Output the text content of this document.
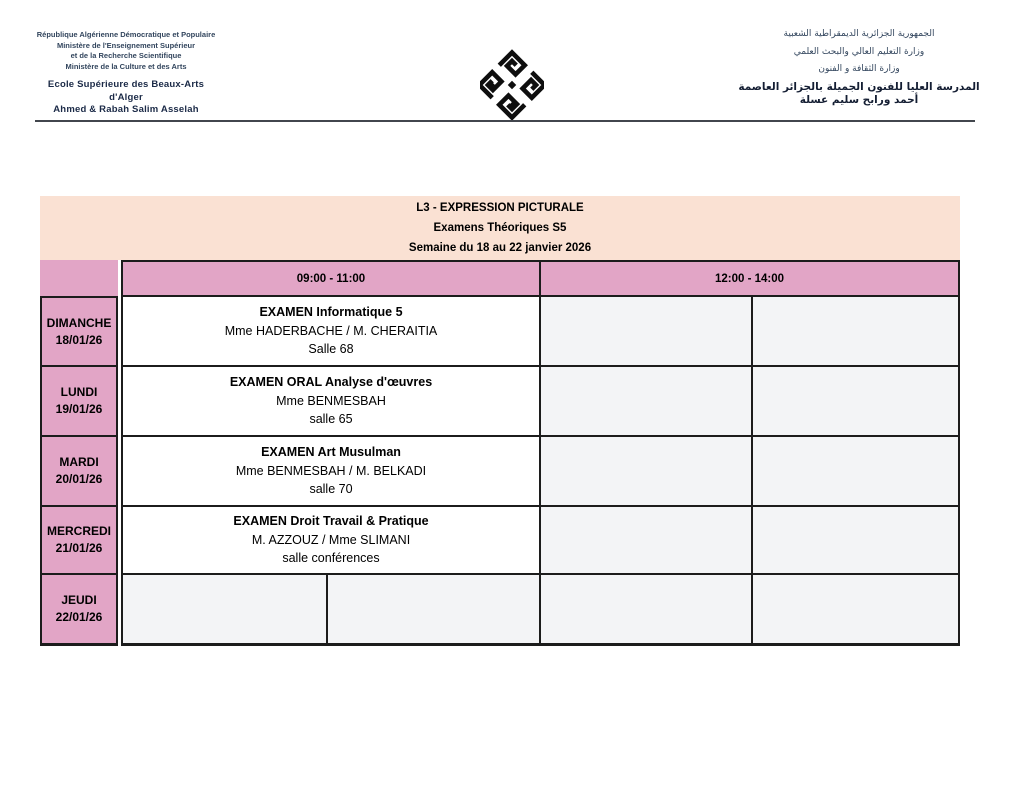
République Algérienne Démocratique et Populaire
Ministère de l'Enseignement Supérieur
et de la Recherche Scientifique
Ministère de la Culture et des Arts
Ecole Supérieure des Beaux-Arts d'Alger
Ahmed & Rabah Salim Asselah
الجمهورية الجزائرية الديمقراطية الشعبية
وزارة التعليم العالي والبحث العلمي
وزارة الثقافة و الفنون
المدرسة العليا للفنون الجميلة بالجزائر العاصمة
أحمد ورابح سليم عسلة
L3 - EXPRESSION PICTURALE
Examens Théoriques S5
Semaine du 18 au 22 janvier 2026
09:00 - 11:00	12:00 - 14:00
DIMANCHE
18/01/26
EXAMEN Informatique 5
Mme HADERBACHE / M. CHERAITIA
Salle 68
LUNDI
19/01/26
EXAMEN ORAL Analyse d'œuvres
Mme BENMESBAH
salle 65
MARDI
20/01/26
EXAMEN Art Musulman
Mme BENMESBAH / M. BELKADI
salle 70
MERCREDI
21/01/26
EXAMEN Droit Travail & Pratique
M. AZZOUZ / Mme SLIMANI
salle conférences
JEUDI
22/01/26
